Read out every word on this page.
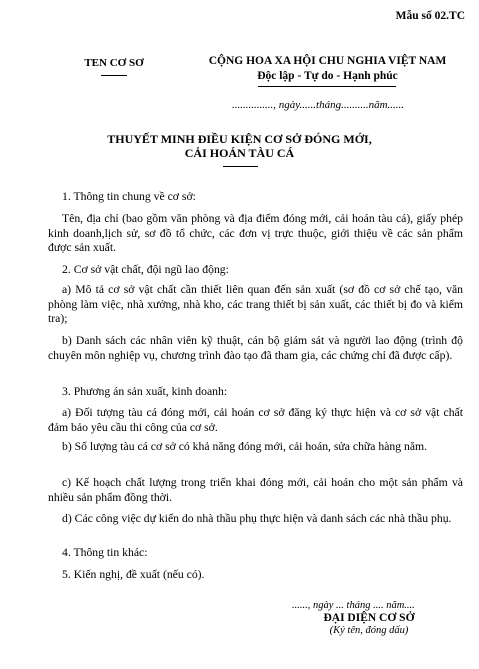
Mẫu số 02.TC
TEN CƠ SƠ	CỘNG HOA XA HỘI CHU NGHIA VIỆT NAM
Độc lập - Tự do - Hạnh phúc
..............., ngày......tháng..........năm......
THUYẾT MINH ĐIỀU KIỆN CƠ SỞ ĐÓNG MỚI,
CẢI HOÁN TÀU CÁ
1. Thông tin chung về cơ sở:

Tên, địa chỉ (bao gồm văn phòng và địa điểm đóng mới, cải hoán tàu cá), giấy phép kinh doanh,lịch sử, sơ đồ tổ chức, các đơn vị trực thuộc, giới thiệu về các sản phẩm được sản xuất.

2. Cơ sở vật chất, đội ngũ lao động:

a) Mô tả cơ sở vật chất cần thiết liên quan đến sản xuất (sơ đồ cơ sở chế tạo, văn phòng làm việc, nhà xưởng, nhà kho, các trang thiết bị sản xuất, các thiết bị đo và kiểm tra);

b) Danh sách các nhân viên kỹ thuật, cán bộ giám sát và người lao động (trình độ chuyên môn nghiệp vụ, chương trình đào tạo đã tham gia, các chứng chỉ đã được cấp).

3. Phương án sản xuất, kinh doanh:

a) Đối tượng tàu cá đóng mới, cải hoán cơ sở đăng ký thực hiện và cơ sở vật chất đảm bảo yêu cầu thi công của cơ sở.

b) Số lượng tàu cá cơ sở có khả năng đóng mới, cải hoán, sửa chữa hàng năm.

c) Kế hoạch chất lượng trong triển khai đóng mới, cải hoán cho một sản phẩm và nhiều sản phẩm đồng thời.

d) Các công việc dự kiến do nhà thầu phụ thực hiện và danh sách các nhà thầu phụ.

4. Thông tin khác:
5. Kiến nghị, đề xuất (nếu có).
......, ngày ... tháng .... năm....
ĐẠI DIỆN CƠ SỞ
(Ký tên, đóng dấu)
